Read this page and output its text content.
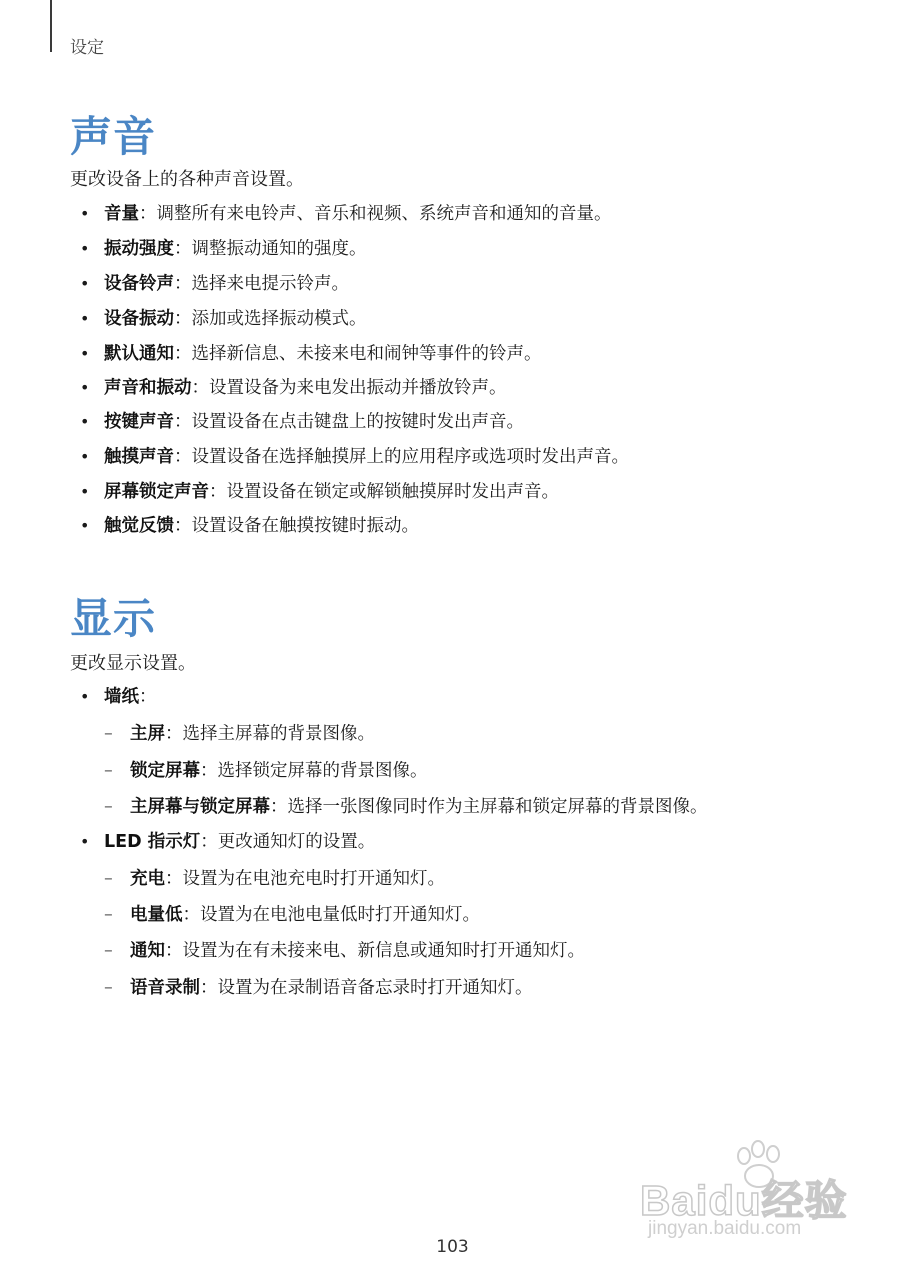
设定
声音
更改设备上的各种声音设置。
• 音量：调整所有来电铃声、音乐和视频、系统声音和通知的音量。
• 振动强度：调整振动通知的强度。
• 设备铃声：选择来电提示铃声。
• 设备振动：添加或选择振动模式。
• 默认通知：选择新信息、未接来电和闹钟等事件的铃声。
• 声音和振动：设置设备为来电发出振动并播放铃声。
• 按键声音：设置设备在点击键盘上的按键时发出声音。
• 触摸声音：设置设备在选择触摸屏上的应用程序或选项时发出声音。
• 屏幕锁定声音：设置设备在锁定或解锁触摸屏时发出声音。
• 触觉反馈：设置设备在触摸按键时振动。
显示
更改显示设置。
• 墙纸：
– 主屏：选择主屏幕的背景图像。
– 锁定屏幕：选择锁定屏幕的背景图像。
– 主屏幕与锁定屏幕：选择一张图像同时作为主屏幕和锁定屏幕的背景图像。
• LED 指示灯：更改通知灯的设置。
– 充电：设置为在电池充电时打开通知灯。
– 电量低：设置为在电池电量低时打开通知灯。
– 通知：设置为在有未接来电、新信息或通知时打开通知灯。
– 语音录制：设置为在录制语音备忘录时打开通知灯。
Baidu经验
jingyan.baidu.com
103
